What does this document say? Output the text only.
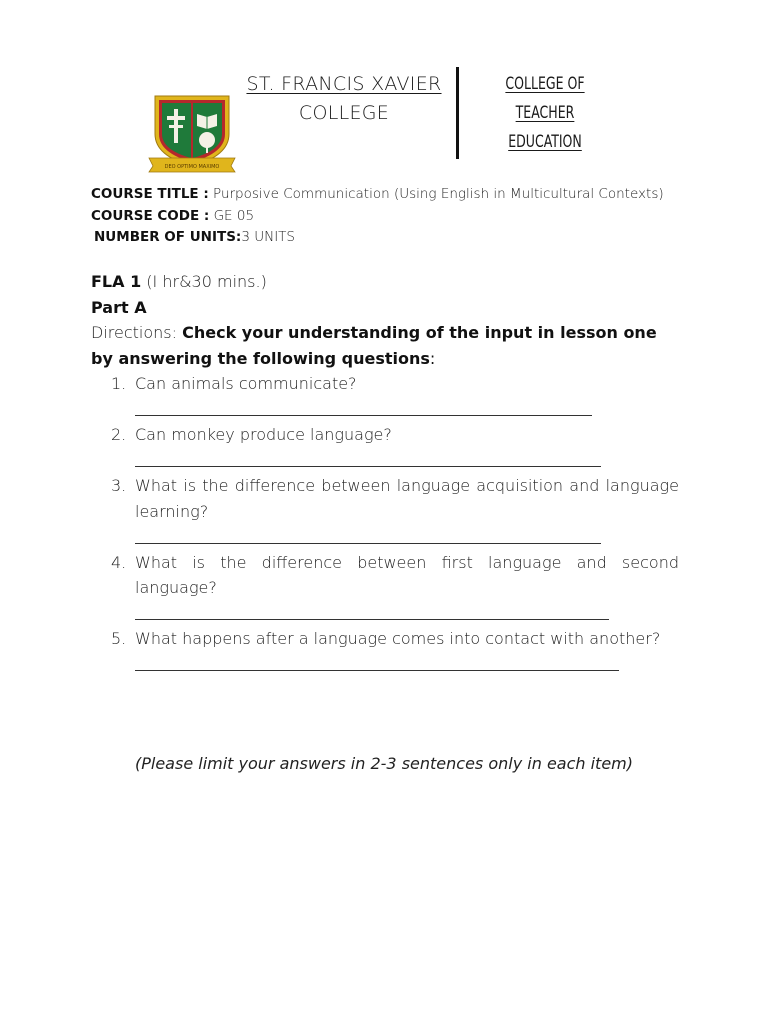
DEO OPTIMO MAXIMO
ST. FRANCIS XAVIER
COLLEGE
COLLEGE OF TEACHER
EDUCATION
COURSE TITLE : Purposive Communication (Using English in Multicultural Contexts)
COURSE CODE : GE 05
NUMBER OF UNITS:3 UNITS
FLA 1 (I hr&30 mins.)
Part A
Directions: Check your understanding of the input in lesson one by answering the following questions:
1. Can animals communicate?
2. Can monkey produce language?
3. What is the difference between language acquisition and language learning?
4. What is the difference between first language and second language?
5. What happens after a language comes into contact with another?
(Please limit your answers in 2-3 sentences only in each item)
